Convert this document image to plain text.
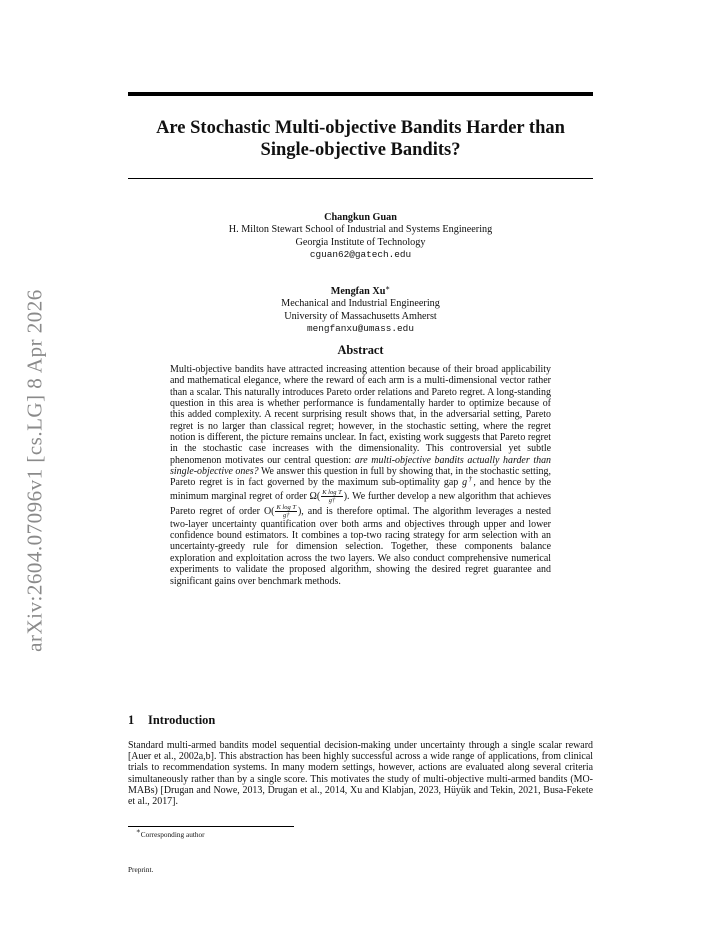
arXiv:2604.07096v1 [cs.LG] 8 Apr 2026
Are Stochastic Multi-objective Bandits Harder than
Single-objective Bandits?
Changkun Guan
H. Milton Stewart School of Industrial and Systems Engineering
Georgia Institute of Technology
cguan62@gatech.edu
Mengfan Xu∗
Mechanical and Industrial Engineering
University of Massachusetts Amherst
mengfanxu@umass.edu
Abstract
Multi-objective bandits have attracted increasing attention because of their broad applicability and mathematical elegance, where the reward of each arm is a multi-dimensional vector rather than a scalar. This naturally introduces Pareto order relations and Pareto regret. A long-standing question in this area is whether performance is fundamentally harder to optimize because of this added complexity. A recent surprising result shows that, in the adversarial setting, Pareto regret is no larger than classical regret; however, in the stochastic setting, where the regret notion is different, the picture remains unclear. In fact, existing work suggests that Pareto regret in the stochastic case increases with the dimensionality. This controversial yet subtle phenomenon motivates our central question: are multi-objective bandits actually harder than single-objective ones? We answer this question in full by showing that, in the stochastic setting, Pareto regret is in fact governed by the maximum sub-optimality gap g†, and hence by the minimum marginal regret of order $\Omega( \frac{\text{K log T}}{g\dagger}$ ). We further develop a new algorithm that achieves Pareto regret of order $O( \frac{\text{K log T}}{g\dagger}$ ), and is therefore optimal. The algorithm leverages a nested two-layer uncertainty quantification over both arms and objectives through upper and lower confidence bound estimators. It combines a top-two racing strategy for arm selection with an uncertainty-greedy rule for dimension selection. Together, these components balance exploration and exploitation across the two layers. We also conduct comprehensive numerical experiments to validate the proposed algorithm, showing the desired regret guarantee and significant gains over benchmark methods.
1 Introduction
Standard multi-armed bandits model sequential decision-making under uncertainty through a single scalar reward [Auer et al., 2002a,b]. This abstraction has been highly successful across a wide range of applications, from clinical trials to recommendation systems. In many modern settings, however, actions are evaluated along several criteria simultaneously rather than by a single score. This motivates the study of multi-objective multi-armed bandits (MO-MABs) [Drugan and Nowe, 2013, Drugan et al., 2014, Xu and Klabjan, 2023, Hüyük and Tekin, 2021, Busa-Fekete et al., 2017].
∗Corresponding author
Preprint.
